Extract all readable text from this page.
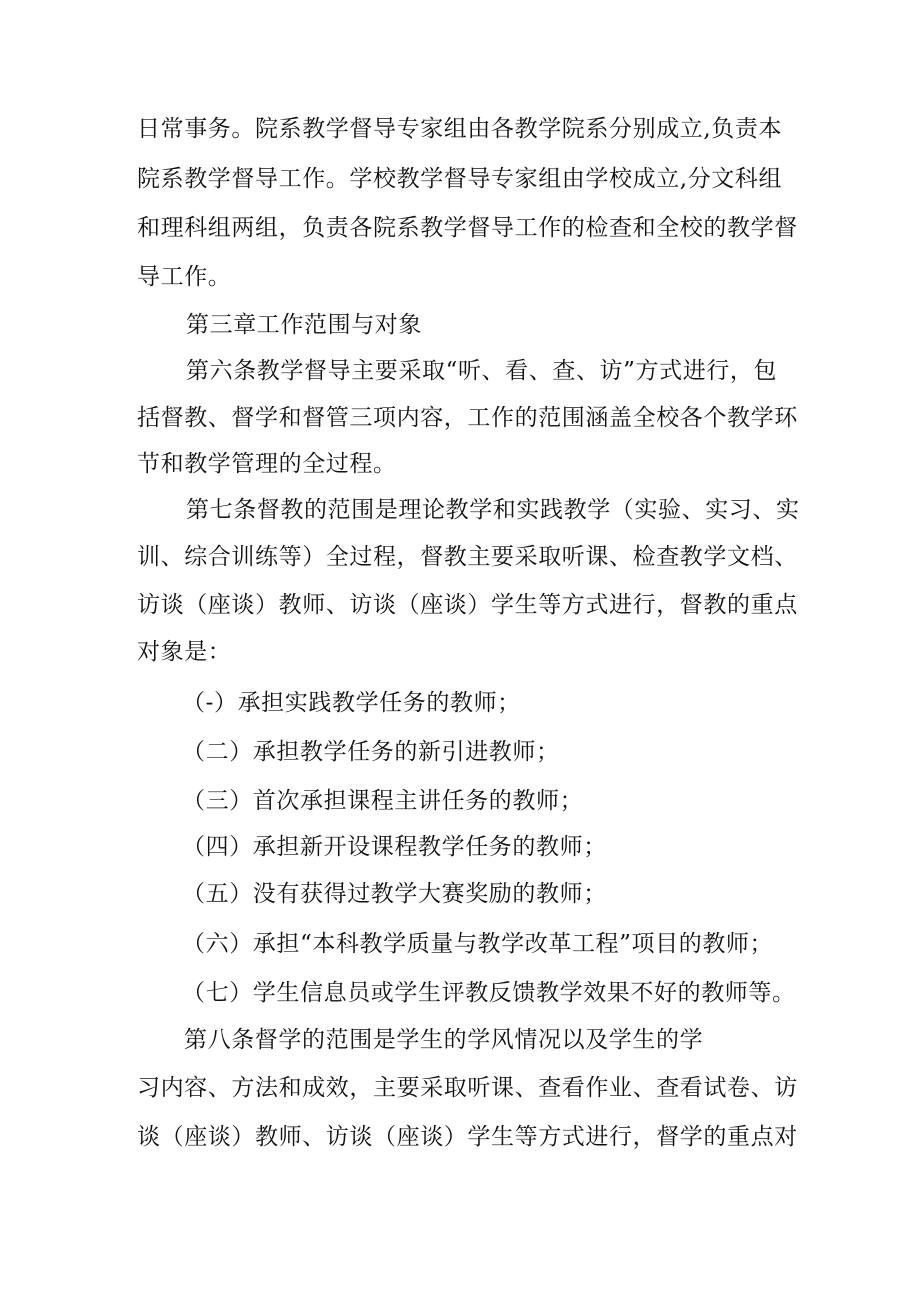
日常事务。院系教学督导专家组由各教学院系分别成立,负责本
院系教学督导工作。学校教学督导专家组由学校成立,分文科组
和理科组两组，负责各院系教学督导工作的检查和全校的教学督
导工作。
第三章工作范围与对象
第六条教学督导主要采取“听、看、查、访”方式进行，包
括督教、督学和督管三项内容，工作的范围涵盖全校各个教学环
节和教学管理的全过程。
第七条督教的范围是理论教学和实践教学（实验、实习、实
训、综合训练等）全过程，督教主要采取听课、检查教学文档、
访谈（座谈）教师、访谈（座谈）学生等方式进行，督教的重点
对象是：
（-）承担实践教学任务的教师；
（二）承担教学任务的新引进教师；
（三）首次承担课程主讲任务的教师；
（四）承担新开设课程教学任务的教师；
（五）没有获得过教学大赛奖励的教师；
（六）承担“本科教学质量与教学改革工程”项目的教师；
（七）学生信息员或学生评教反馈教学效果不好的教师等。
第八条督学的范围是学生的学风情况以及学生的学
习内容、方法和成效，主要采取听课、查看作业、查看试卷、访
谈（座谈）教师、访谈（座谈）学生等方式进行，督学的重点对
